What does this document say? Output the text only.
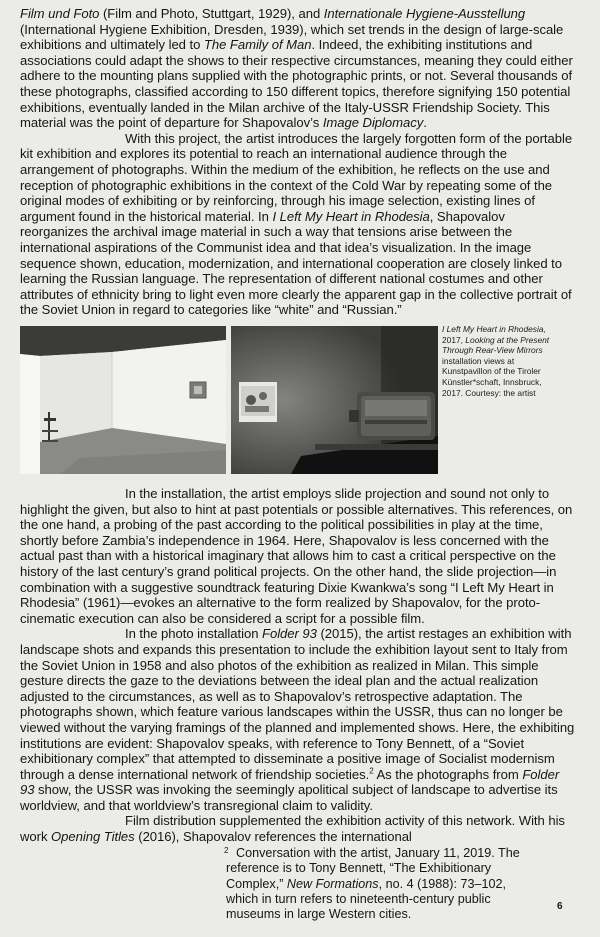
Film und Foto (Film and Photo, Stuttgart, 1929), and Internationale Hygiene-Ausstellung (International Hygiene Exhibition, Dresden, 1939), which set trends in the design of large-scale exhibitions and ultimately led to The Family of Man. Indeed, the exhibiting institutions and associations could adapt the shows to their respective circumstances, meaning they could either adhere to the mounting plans supplied with the photographic prints, or not. Several thousands of these photographs, classified according to 150 different topics, therefore signifying 150 potential exhibitions, eventually landed in the Milan archive of the Italy-USSR Friendship Society. This material was the point of departure for Shapovalov’s Image Diplomacy.

With this project, the artist introduces the largely forgotten form of the portable kit exhibition and explores its potential to reach an international audience through the arrangement of photographs. Within the medium of the exhibition, he reflects on the use and reception of photographic exhibitions in the context of the Cold War by repeating some of the original modes of exhibiting or by reinforcing, through his image selection, existing lines of argument found in the historical material. In I Left My Heart in Rhodesia, Shapovalov reorganizes the archival image material in such a way that tensions arise between the international aspirations of the Communist idea and that idea’s visualization. In the image sequence shown, education, modernization, and international cooperation are closely linked to learning the Russian language. The representation of different national costumes and other attributes of ethnicity bring to light even more clearly the apparent gap in the collective portrait of the Soviet Union in regard to categories like “white” and “Russian.”

I Left My Heart in Rhodesia, 2017, Looking at the Present Through Rear-View Mirrors installation views at Kunstpavillon of the Tiroler Künstler*schaft, Innsbruck, 2017. Courtesy: the artist

In the installation, the artist employs slide projection and sound not only to highlight the given, but also to hint at past potentials or possible alternatives. This references, on the one hand, a probing of the past according to the political possibilities in play at the time, shortly before Zambia’s independence in 1964. Here, Shapovalov is less concerned with the actual past than with a historical imaginary that allows him to cast a critical perspective on the history of the last century’s grand political projects. On the other hand, the slide projection—in combination with a suggestive soundtrack featuring Dixie Kwankwa’s song “I Left My Heart in Rhodesia” (1961)—evokes an alternative to the form realized by Shapovalov, for the proto-cinematic execution can also be considered a script for a possible film.

In the photo installation Folder 93 (2015), the artist restages an exhibition with landscape shots and expands this presentation to include the exhibition layout sent to Italy from the Soviet Union in 1958 and also photos of the exhibition as realized in Milan. This simple gesture directs the gaze to the deviations between the ideal plan and the actual realization adjusted to the circumstances, as well as to Shapovalov’s retrospective adaptation. The photographs shown, which feature various landscapes within the USSR, thus can no longer be viewed without the varying framings of the planned and implemented shows. Here, the exhibiting institutions are evident: Shapovalov speaks, with reference to Tony Bennett, of a “Soviet exhibitionary complex” that attempted to disseminate a positive image of Socialist modernism through a dense international network of friendship societies.$^2$ As the photographs from Folder 93 show, the USSR was invoking the seemingly apolitical subject of landscape to advertise its worldview, and that worldview’s transregional claim to validity.

Film distribution supplemented the exhibition activity of this network. With his work Opening Titles (2016), Shapovalov references the international

2 Conversation with the artist, January 11, 2019. The reference is to Tony Bennett, “The Exhibitionary Complex,” New Formations, no. 4 (1988): 73–102, which in turn refers to nineteenth-century public museums in large Western cities.
6
